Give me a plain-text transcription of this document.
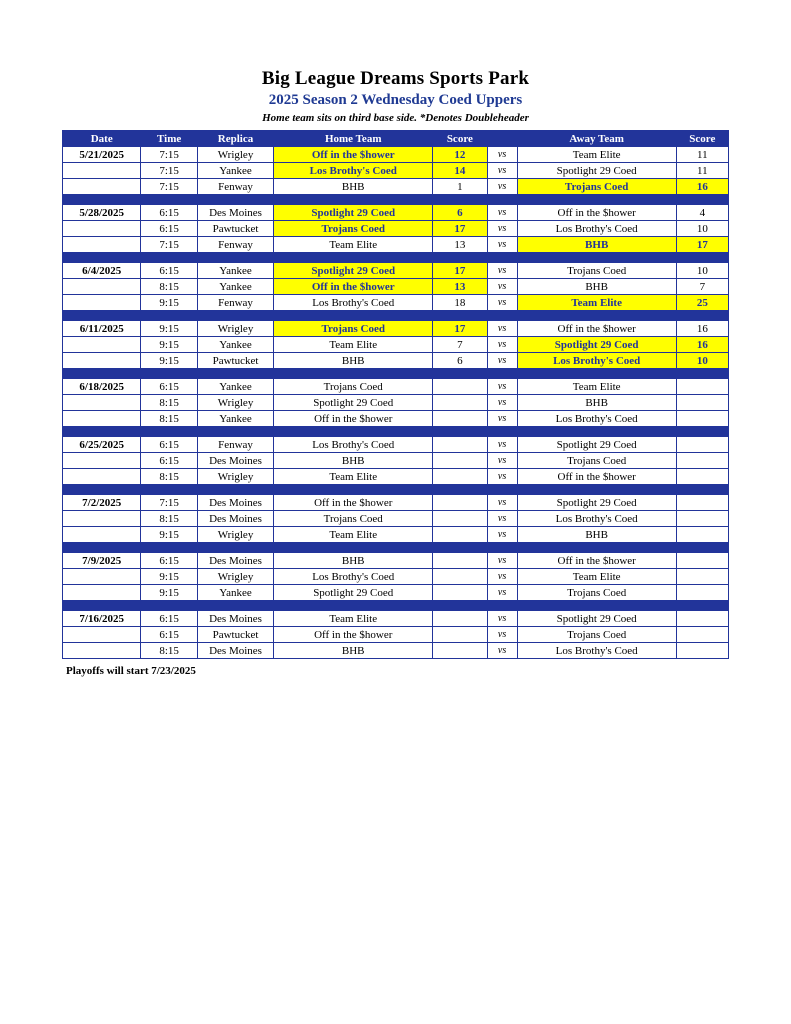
Big League Dreams Sports Park
2025 Season 2 Wednesday Coed Uppers
Home team sits on third base side. *Denotes Doubleheader
Date	Time	Replica	Home Team	Score		Away Team	Score
5/21/2025	7:15	Wrigley	Off in the $hower	12	vs	Team Elite	11
	7:15	Yankee	Los Brothy's Coed	14	vs	Spotlight 29 Coed	11
	7:15	Fenway	BHB	1	vs	Trojans Coed	16

5/28/2025	6:15	Des Moines	Spotlight 29 Coed	6	vs	Off in the $hower	4
	6:15	Pawtucket	Trojans Coed	17	vs	Los Brothy's Coed	10
	7:15	Fenway	Team Elite	13	vs	BHB	17

6/4/2025	6:15	Yankee	Spotlight 29 Coed	17	vs	Trojans Coed	10
	8:15	Yankee	Off in the $hower	13	vs	BHB	7
	9:15	Fenway	Los Brothy's Coed	18	vs	Team Elite	25

6/11/2025	9:15	Wrigley	Trojans Coed	17	vs	Off in the $hower	16
	9:15	Yankee	Team Elite	7	vs	Spotlight 29 Coed	16
	9:15	Pawtucket	BHB	6	vs	Los Brothy's Coed	10

6/18/2025	6:15	Yankee	Trojans Coed		vs	Team Elite	
	8:15	Wrigley	Spotlight 29 Coed		vs	BHB	
	8:15	Yankee	Off in the $hower		vs	Los Brothy's Coed	

6/25/2025	6:15	Fenway	Los Brothy's Coed		vs	Spotlight 29 Coed	
	6:15	Des Moines	BHB		vs	Trojans Coed	
	8:15	Wrigley	Team Elite		vs	Off in the $hower	

7/2/2025	7:15	Des Moines	Off in the $hower		vs	Spotlight 29 Coed	
	8:15	Des Moines	Trojans Coed		vs	Los Brothy's Coed	
	9:15	Wrigley	Team Elite		vs	BHB	

7/9/2025	6:15	Des Moines	BHB		vs	Off in the $hower	
	9:15	Wrigley	Los Brothy's Coed		vs	Team Elite	
	9:15	Yankee	Spotlight 29 Coed		vs	Trojans Coed	

7/16/2025	6:15	Des Moines	Team Elite		vs	Spotlight 29 Coed	
	6:15	Pawtucket	Off in the $hower		vs	Trojans Coed	
	8:15	Des Moines	BHB		vs	Los Brothy's Coed	
Playoffs will start 7/23/2025
